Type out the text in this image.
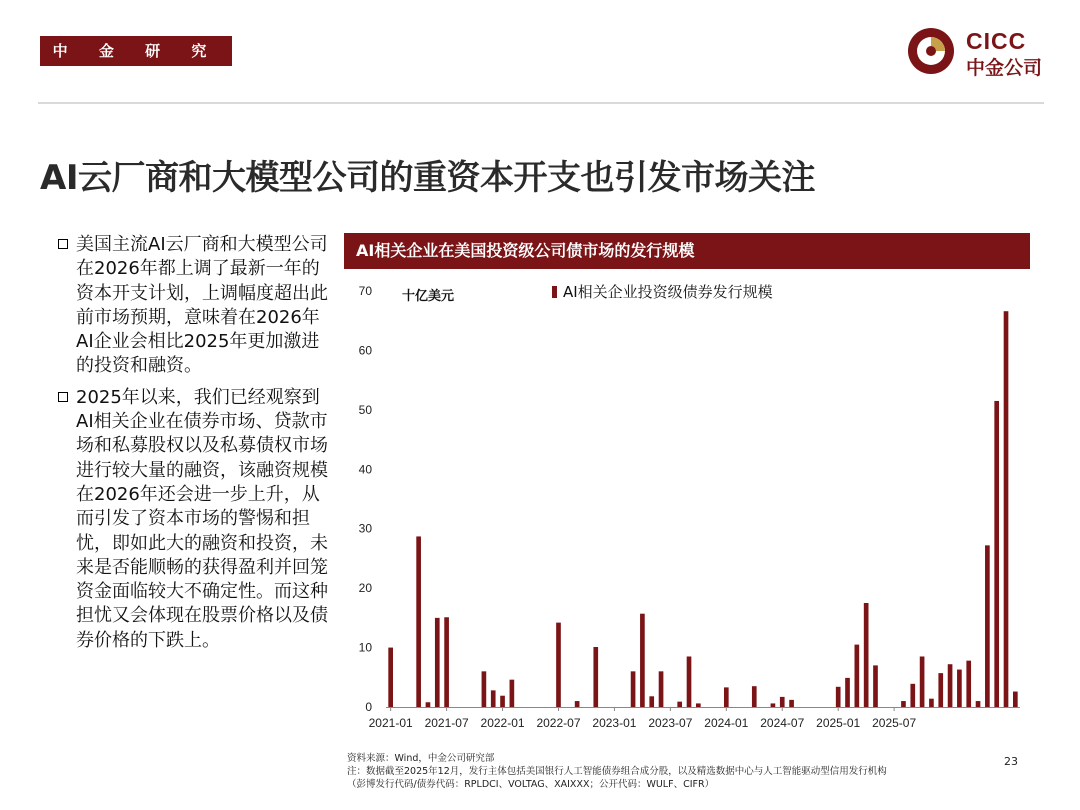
中 金 研 究 部
CICC
中金公司
AI云厂商和大模型公司的重资本开支也引发市场关注
美国主流AI云厂商和大模型公司在2026年都上调了最新一年的资本开支计划，上调幅度超出此前市场预期，意味着在2026年AI企业会相比2025年更加激进的投资和融资。
2025年以来，我们已经观察到AI相关企业在债券市场、贷款市场和私募股权以及私募债权市场进行较大量的融资，该融资规模在2026年还会进一步上升，从而引发了资本市场的警惕和担忧，即如此大的融资和投资，未来是否能顺畅的获得盈利并回笼资金面临较大不确定性。而这种担忧又会体现在股票价格以及债券价格的下跌上。
AI相关企业在美国投资级公司债市场的发行规模
0
10
20
30
40
50
60
70 十亿美元	AI相关企业投资级债券发行规模
2021-01 2021-07 2022-01 2022-07 2023-01 2023-07 2024-01 2024-07 2025-01 2025-07
资料来源：Wind，中金公司研究部
注：数据截至2025年12月，发行主体包括美国银行人工智能债券组合成分股，以及精选数据中心与人工智能驱动型信用发行机构
（彭博发行代码/债券代码：RPLDCI、VOLTAG、XAIXXX；公开代码：WULF、CIFR）
23
